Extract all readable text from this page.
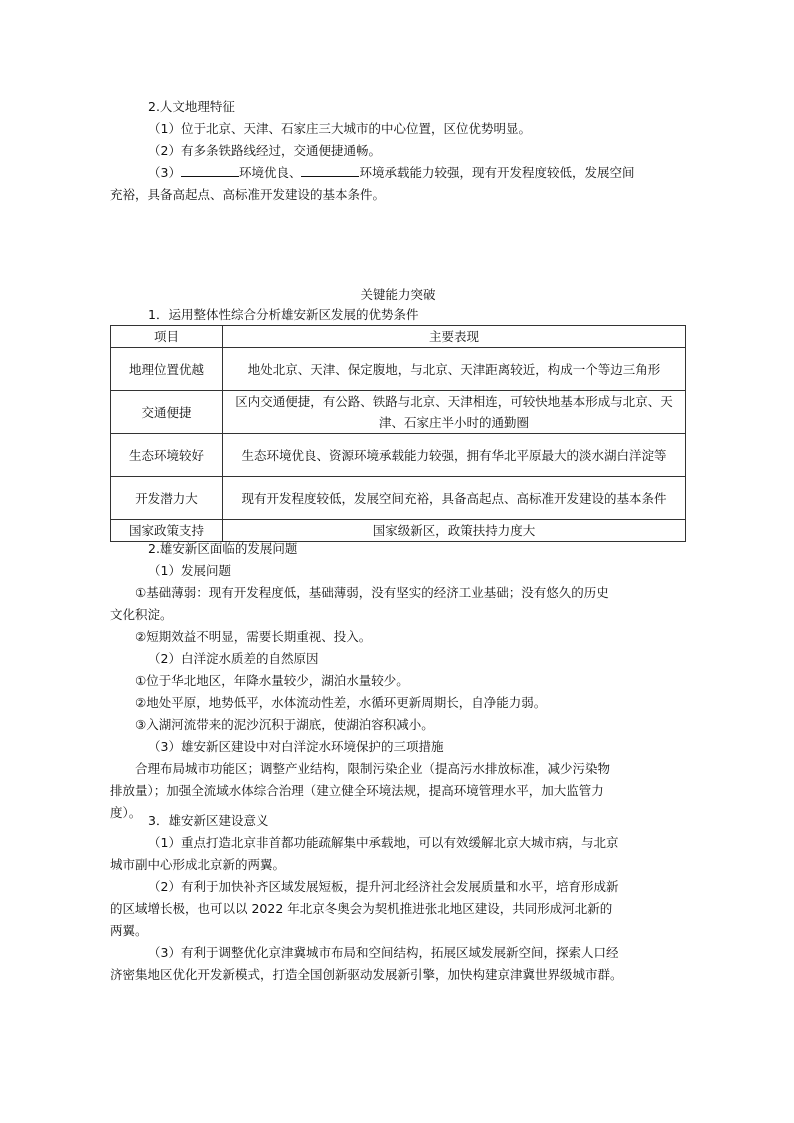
2.人文地理特征

（1）位于北京、天津、石家庄三大城市的中心位置，区位优势明显。

（2）有多条铁路线经过，交通便捷通畅。

（3）	环境优良、	环境承载能力较强，现有开发程度较低，发展空间

充裕，具备高起点、高标准开发建设的基本条件。

关键能力突破

1．运用整体性综合分析雄安新区发展的优势条件

项目	主要表现
地理位置优越	地处北京、天津、保定腹地，与北京、天津距离较近，构成一个等边三角形
交通便捷	区内交通便捷，有公路、铁路与北京、天津相连，可较快地基本形成与北京、天津、石家庄半小时的通勤圈
生态环境较好	生态环境优良、资源环境承载能力较强，拥有华北平原最大的淡水湖白洋淀等
开发潜力大	现有开发程度较低，发展空间充裕，具备高起点、高标准开发建设的基本条件
国家政策支持	国家级新区，政策扶持力度大

2.雄安新区面临的发展问题

（1）发展问题

①基础薄弱：现有开发程度低，基础薄弱，没有坚实的经济工业基础；没有悠久的历史

文化积淀。

②短期效益不明显，需要长期重视、投入。

（2）白洋淀水质差的自然原因

①位于华北地区，年降水量较少，湖泊水量较少。

②地处平原，地势低平，水体流动性差，水循环更新周期长，自净能力弱。

③入湖河流带来的泥沙沉积于湖底，使湖泊容积减小。

（3）雄安新区建设中对白洋淀水环境保护的三项措施

合理布局城市功能区；调整产业结构，限制污染企业（提高污水排放标准，减少污染物

排放量）；加强全流域水体综合治理（建立健全环境法规，提高环境管理水平，加大监管力

度）。

3．雄安新区建设意义

（1）重点打造北京非首都功能疏解集中承载地，可以有效缓解北京大城市病，与北京

城市副中心形成北京新的两翼。

（2）有利于加快补齐区域发展短板，提升河北经济社会发展质量和水平，培育形成新

的区域增长极，也可以以 2022 年北京冬奥会为契机推进张北地区建设，共同形成河北新的

两翼。

（3）有利于调整优化京津冀城市布局和空间结构，拓展区域发展新空间，探索人口经

济密集地区优化开发新模式，打造全国创新驱动发展新引擎，加快构建京津冀世界级城市群。
